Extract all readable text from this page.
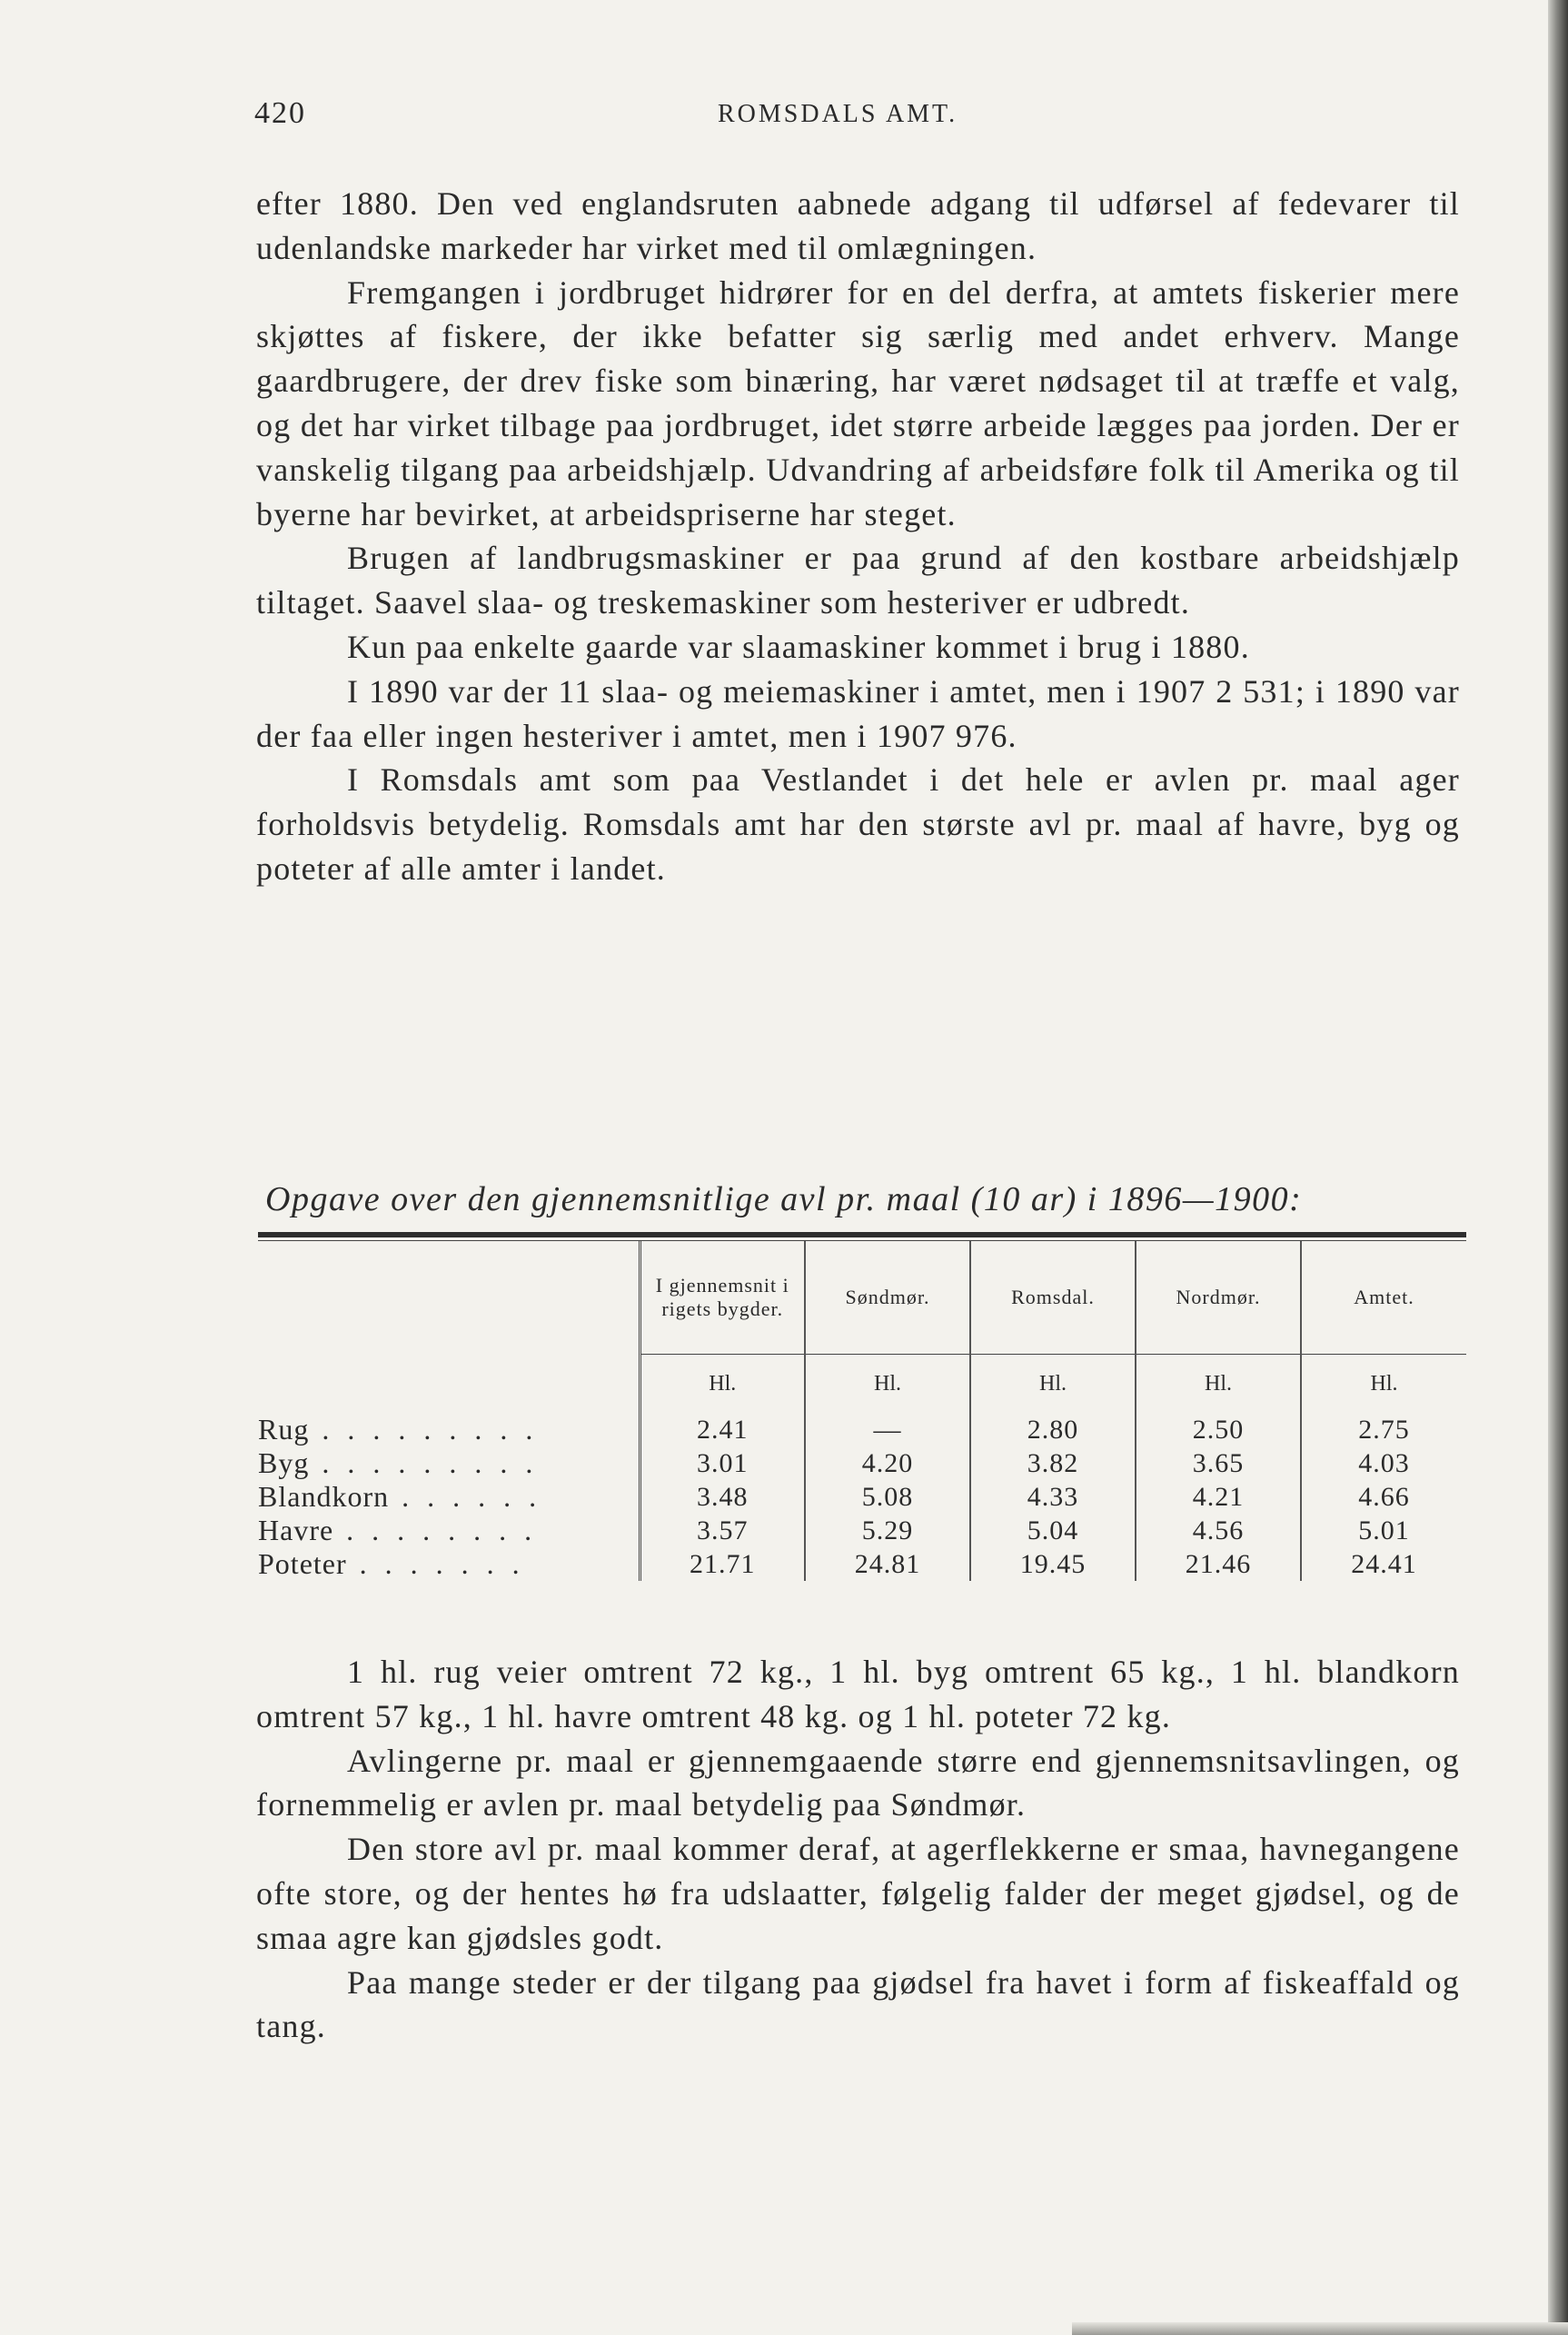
420	ROMSDALS AMT.

efter 1880. Den ved englandsruten aabnede adgang til udførsel af fedevarer til udenlandske markeder har virket med til omlægningen.

Fremgangen i jordbruget hidrører for en del derfra, at amtets fiskerier mere skjøttes af fiskere, der ikke befatter sig særlig med andet erhverv. Mange gaardbrugere, der drev fiske som binæring, har været nødsaget til at træffe et valg, og det har virket tilbage paa jordbruget, idet større arbeide lægges paa jorden. Der er vanskelig tilgang paa arbeidshjælp. Udvandring af arbeidsføre folk til Amerika og til byerne har bevirket, at arbeidspriserne har steget.

Brugen af landbrugsmaskiner er paa grund af den kostbare arbeidshjælp tiltaget. Saavel slaa- og treskemaskiner som hesteriver er udbredt.

Kun paa enkelte gaarde var slaamaskiner kommet i brug i 1880.

I 1890 var der 11 slaa- og meiemaskiner i amtet, men i 1907 2 531; i 1890 var der faa eller ingen hesteriver i amtet, men i 1907 976.

I Romsdals amt som paa Vestlandet i det hele er avlen pr. maal ager forholdsvis betydelig. Romsdals amt har den største avl pr. maal af havre, byg og poteter af alle amter i landet.

Opgave over den gjennemsnitlige avl pr. maal (10 ar) i 1896—1900:
	I gjennemsnit i rigets bygder.	Søndmør.	Romsdal.	Nordmør.	Amtet.
	Hl.	Hl.	Hl.	Hl.	Hl.
Rug . . . . . . . . .	2.41	—	2.80	2.50	2.75
Byg . . . . . . . . .	3.01	4.20	3.82	3.65	4.03
Blandkorn . . . . . .	3.48	5.08	4.33	4.21	4.66
Havre . . . . . . . .	3.57	5.29	5.04	4.56	5.01
Poteter . . . . . . .	21.71	24.81	19.45	21.46	24.41

1 hl. rug veier omtrent 72 kg., 1 hl. byg omtrent 65 kg., 1 hl. blandkorn omtrent 57 kg., 1 hl. havre omtrent 48 kg. og 1 hl. poteter 72 kg.

Avlingerne pr. maal er gjennemgaaende større end gjennemsnitsavlingen, og fornemmelig er avlen pr. maal betydelig paa Søndmør.

Den store avl pr. maal kommer deraf, at agerflekkerne er smaa, havnegangene ofte store, og der hentes hø fra udslaatter, følgelig falder der meget gjødsel, og de smaa agre kan gjødsles godt.

Paa mange steder er der tilgang paa gjødsel fra havet i form af fiskeaffald og tang.
